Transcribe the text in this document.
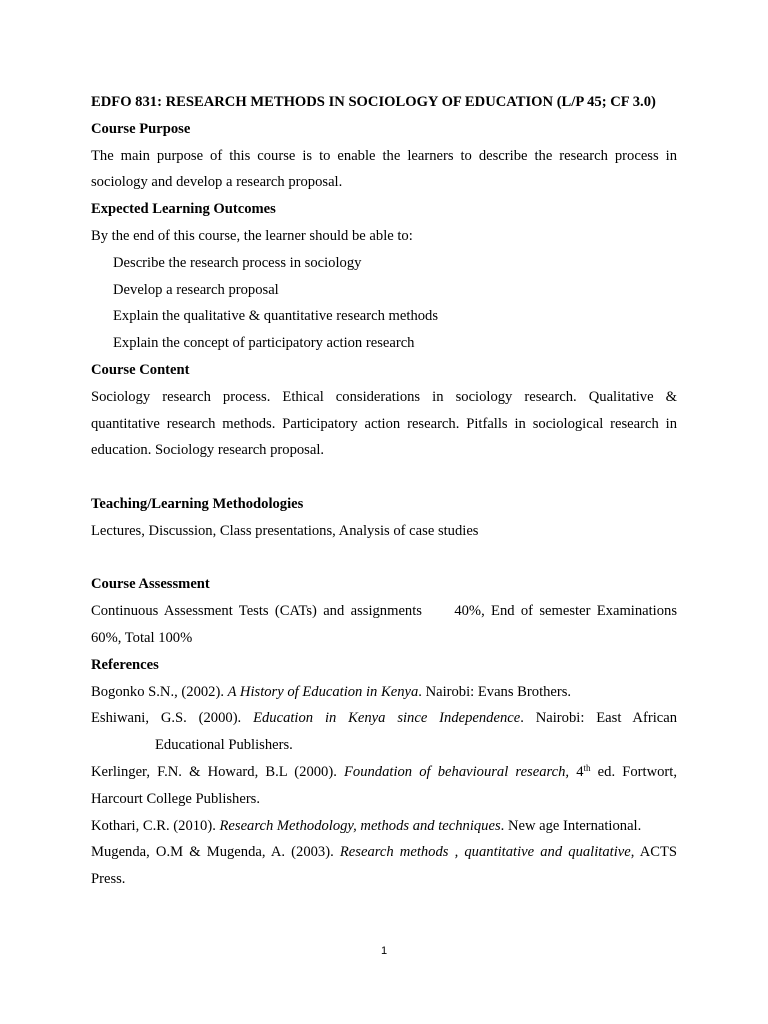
EDFO 831: RESEARCH METHODS IN SOCIOLOGY OF EDUCATION (L/P 45; CF 3.0)
Course Purpose
The main purpose of this course is to enable the learners to describe the research process in
sociology and develop a research proposal.
Expected Learning Outcomes
By the end of this course, the learner should be able to:
Describe the research process in sociology
Develop a research proposal
Explain the qualitative & quantitative research methods
Explain the concept of participatory action research
Course Content
Sociology research process. Ethical considerations in sociology research. Qualitative &
quantitative research methods. Participatory action research. Pitfalls in sociological research in
education. Sociology research proposal.
Teaching/Learning Methodologies
Lectures, Discussion, Class presentations, Analysis of case studies
Course Assessment
Continuous Assessment Tests (CATs) and assignments 40%, End of semester Examinations
60%, Total 100%
References
Bogonko S.N., (2002). A History of Education in Kenya. Nairobi: Evans Brothers.
Eshiwani, G.S. (2000). Education in Kenya since Independence. Nairobi: East African
Educational Publishers.
Kerlinger, F.N. & Howard, B.L (2000). Foundation of behavioural research, 4th ed. Fortwort,
Harcourt College Publishers.
Kothari, C.R. (2010). Research Methodology, methods and techniques. New age International.
Mugenda, O.M & Mugenda, A. (2003). Research methods , quantitative and qualitative, ACTS
Press.
1
